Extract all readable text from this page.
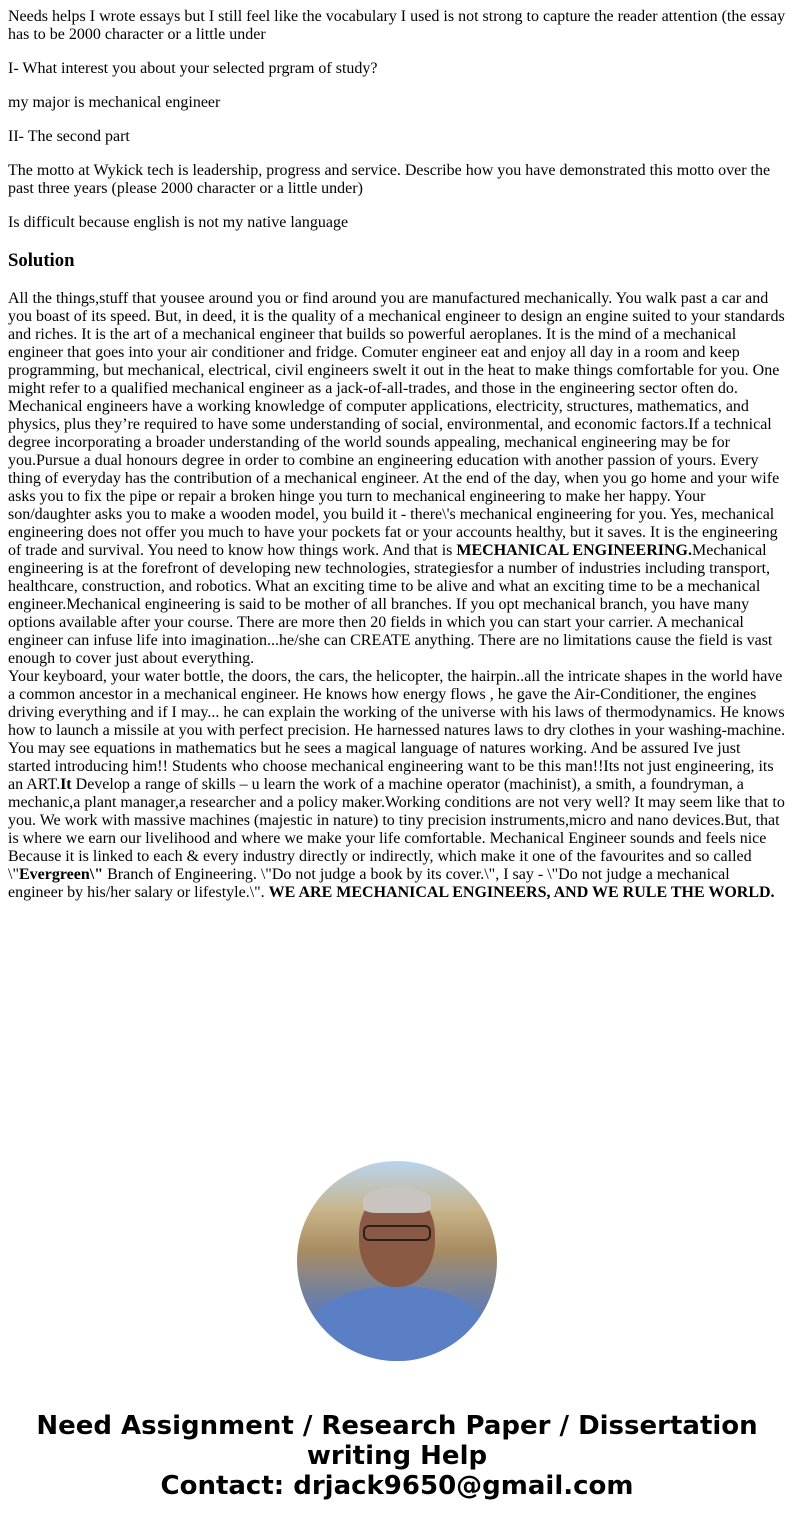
Needs helps I wrote essays but I still feel like the vocabulary I used is not strong to capture the reader attention (the essay has to be 2000 character or a little under

I- What interest you about your selected prgram of study?

my major is mechanical engineer

II- The second part

The motto at Wykick tech is leadership, progress and service. Describe how you have demonstrated this motto over the past three years (please 2000 character or a little under)

Is difficult because english is not my native language

Solution
All the things,stuff that yousee around you or find around you are manufactured mechanically. You walk past a car and you boast of its speed. But, in deed, it is the quality of a mechanical engineer to design an engine suited to your standards and riches. It is the art of a mechanical engineer that builds so powerful aeroplanes. It is the mind of a mechanical engineer that goes into your air conditioner and fridge. Comuter engineer eat and enjoy all day in a room and keep programming, but mechanical, electrical, civil engineers swelt it out in the heat to make things comfortable for you. One might refer to a qualified mechanical engineer as a jack-of-all-trades, and those in the engineering sector often do. Mechanical engineers have a working knowledge of computer applications, electricity, structures, mathematics, and physics, plus they’re required to have some understanding of social, environmental, and economic factors.If a technical degree incorporating a broader understanding of the world sounds appealing, mechanical engineering may be for you.Pursue a dual honours degree in order to combine an engineering education with another passion of yours. Every thing of everyday has the contribution of a mechanical engineer. At the end of the day, when you go home and your wife asks you to fix the pipe or repair a broken hinge you turn to mechanical engineering to make her happy. Your son/daughter asks you to make a wooden model, you build it - there\'s mechanical engineering for you. Yes, mechanical engineering does not offer you much to have your pockets fat or your accounts healthy, but it saves. It is the engineering of trade and survival. You need to know how things work. And that is MECHANICAL ENGINEERING.Mechanical engineering is at the forefront of developing new technologies, strategiesfor a number of industries including transport, healthcare, construction, and robotics. What an exciting time to be alive and what an exciting time to be a mechanical engineer.Mechanical engineering is said to be mother of all branches. If you opt mechanical branch, you have many options available after your course. There are more then 20 fields in which you can start your carrier. A mechanical engineer can infuse life into imagination...he/she can CREATE anything. There are no limitations cause the field is vast enough to cover just about everything.
Your keyboard, your water bottle, the doors, the cars, the helicopter, the hairpin..all the intricate shapes in the world have a common ancestor in a mechanical engineer. He knows how energy flows , he gave the Air-Conditioner, the engines driving everything and if I may... he can explain the working of the universe with his laws of thermodynamics. He knows how to launch a missile at you with perfect precision. He harnessed natures laws to dry clothes in your washing-machine. You may see equations in mathematics but he sees a magical language of natures working. And be assured Ive just started introducing him!! Students who choose mechanical engineering want to be this man!!Its not just engineering, its an ART.It Develop a range of skills – u learn the work of a machine operator (machinist), a smith, a foundryman, a mechanic,a plant manager,a researcher and a policy maker.Working conditions are not very well? It may seem like that to you. We work with massive machines (majestic in nature) to tiny precision instruments,micro and nano devices.But, that is where we earn our livelihood and where we make your life comfortable. Mechanical Engineer sounds and feels nice Because it is linked to each & every industry directly or indirectly, which make it one of the favourites and so called \"Evergreen\" Branch of Engineering. \"Do not judge a book by its cover.\", I say - \"Do not judge a mechanical engineer by his/her salary or lifestyle.\". WE ARE MECHANICAL ENGINEERS, AND WE RULE THE WORLD.
Need Assignment / Research Paper / Dissertation writing Help
Contact: drjack9650@gmail.com
